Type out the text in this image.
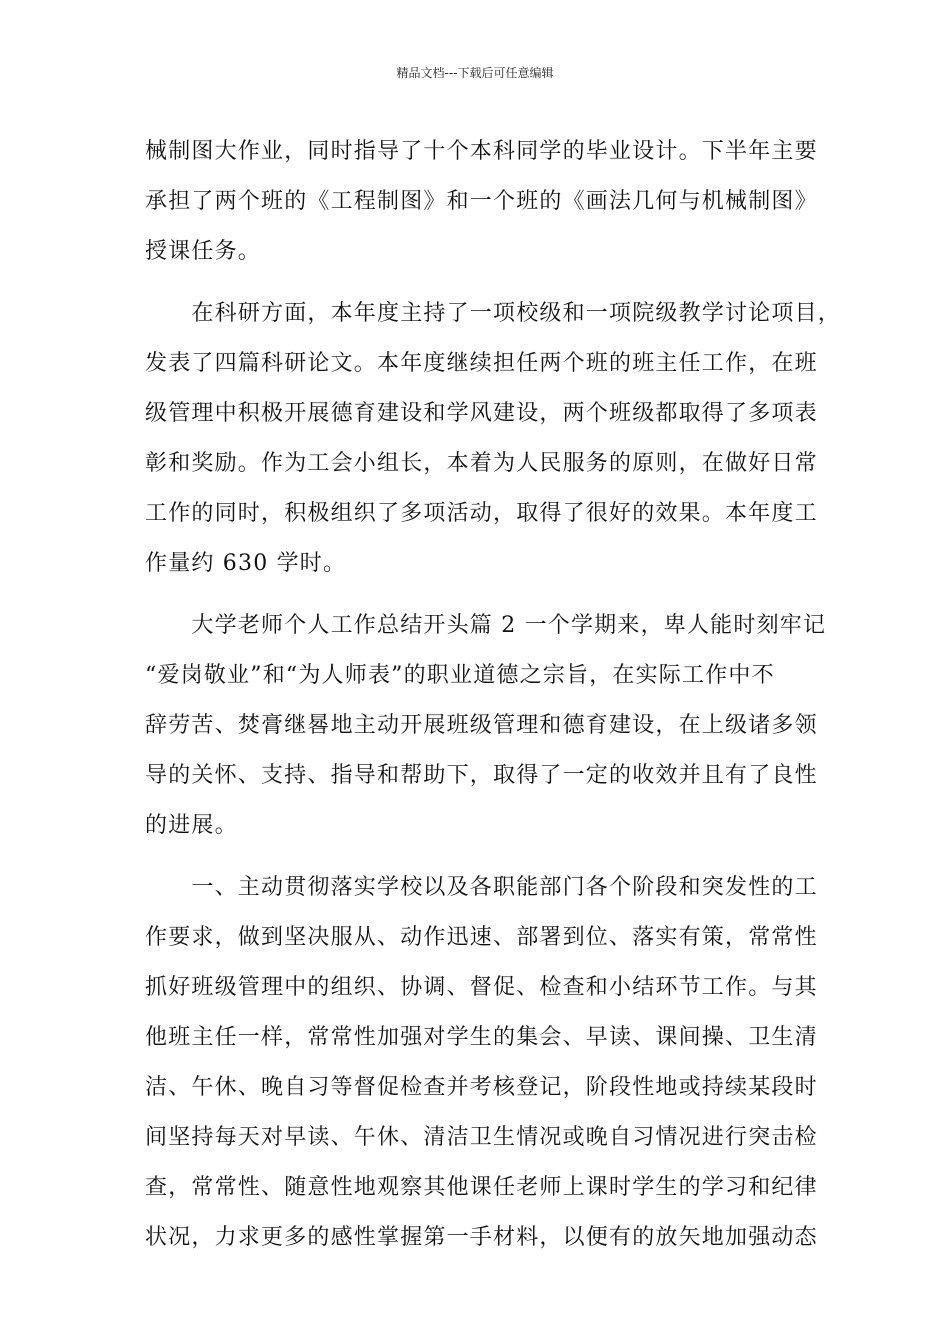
精品文档---下载后可任意编辑
械制图大作业，同时指导了十个本科同学的毕业设计。下半年主要
承担了两个班的《工程制图》和一个班的《画法几何与机械制图》
授课任务。
　　在科研方面，本年度主持了一项校级和一项院级教学讨论项目，
发表了四篇科研论文。本年度继续担任两个班的班主任工作，在班
级管理中积极开展德育建设和学风建设，两个班级都取得了多项表
彰和奖励。作为工会小组长，本着为人民服务的原则，在做好日常
工作的同时，积极组织了多项活动，取得了很好的效果。本年度工
作量约 630 学时。
　　大学老师个人工作总结开头篇 2 一个学期来，卑人能时刻牢记
“爱岗敬业”和“为人师表”的职业道德之宗旨，在实际工作中不
辞劳苦、焚膏继晷地主动开展班级管理和德育建设，在上级诸多领
导的关怀、支持、指导和帮助下，取得了一定的收效并且有了良性
的进展。
　　一、主动贯彻落实学校以及各职能部门各个阶段和突发性的工
作要求，做到坚决服从、动作迅速、部署到位、落实有策，常常性
抓好班级管理中的组织、协调、督促、检查和小结环节工作。与其
他班主任一样，常常性加强对学生的集会、早读、课间操、卫生清
洁、午休、晚自习等督促检查并考核登记，阶段性地或持续某段时
间坚持每天对早读、午休、清洁卫生情况或晚自习情况进行突击检
查，常常性、随意性地观察其他课任老师上课时学生的学习和纪律
状况，力求更多的感性掌握第一手材料，以便有的放矢地加强动态
